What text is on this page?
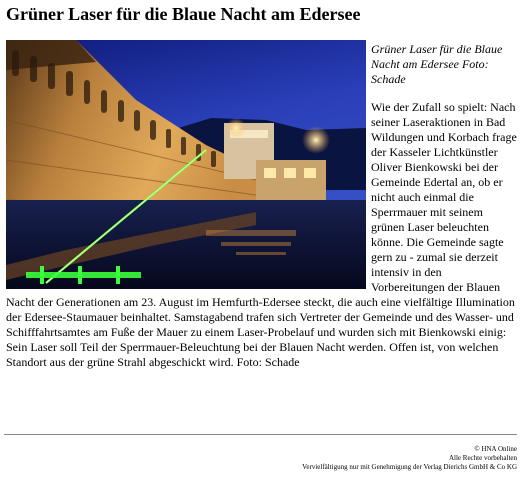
Grüner Laser für die Blaue Nacht am Edersee

Grüner Laser für die Blaue Nacht am Edersee Foto: Schade

Wie der Zufall so spielt: Nach seiner Laseraktionen in Bad Wildungen und Korbach frage der Kasseler Lichtkünstler Oliver Bienkowski bei der Gemeinde Edertal an, ob er nicht auch einmal die Sperrmauer mit seinem grünen Laser beleuchten könne. Die Gemeinde sagte gern zu - zumal sie derzeit intensiv in den Vorbereitungen der Blauen Nacht der Generationen am 23. August im Hemfurth-Edersee steckt, die auch eine vielfältige Illumination der Edersee-Staumauer beinhaltet. Samstagabend trafen sich Vertreter der Gemeinde und des Wasser- und Schifffahrtsamtes am Fuße der Mauer zu einem Laser-Probelauf und wurden sich mit Bienkowski einig: Sein Laser soll Teil der Sperrmauer-Beleuchtung bei der Blauen Nacht werden. Offen ist, von welchen Standort aus der grüne Strahl abgeschickt wird. Foto: Schade

© HNA Online
Alle Rechte vorbehalten
Vervielfältigung nur mit Genehmigung der Verlag Dierichs GmbH & Co KG
